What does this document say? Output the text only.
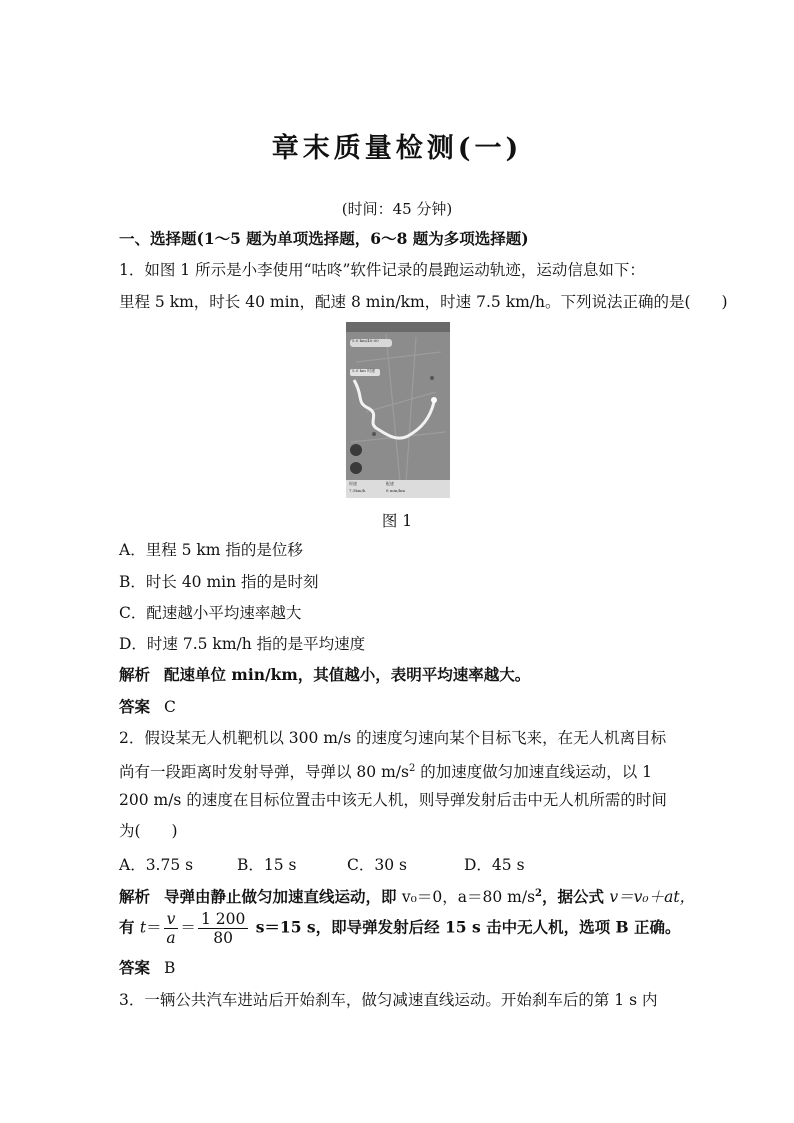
章末质量检测(一)
(时间：45 分钟)
一、选择题(1～5 题为单项选择题，6～8 题为多项选择题)
1．如图 1 所示是小李使用“咕咚”软件记录的晨跑运动轨迹，运动信息如下：
里程 5 km，时长 40 min，配速 8 min/km，时速 7.5 km/h。下列说法正确的是(　　)
5.0 km/40:00
5.0 km 时速
时速
7.5km/h
配速
8 min/km
图 1
A．里程 5 km 指的是位移
B．时长 40 min 指的是时刻
C．配速越小平均速率越大
D．时速 7.5 km/h 指的是平均速度
解析 配速单位 min/km，其值越小，表明平均速率越大。
答案 C
2．假设某无人机靶机以 300 m/s 的速度匀速向某个目标飞来，在无人机离目标
尚有一段距离时发射导弹，导弹以 80 $m/s^2$ 的加速度做匀加速直线运动，以 1
200 m/s 的速度在目标位置击中该无人机，则导弹发射后击中无人机所需的时间
为(　　)
A．3.75 s	B．15 s	C．30 s	D．45 s
解析 导弹由静止做匀加速直线运动，即 v₀＝0，a＝80 $m/s^2$，据公式 v＝v₀＋at，
有 $t= \frac{v}{a} = \frac{1 200}{80} s=15$ s，即导弹发射后经 15 s 击中无人机，选项 B 正确。
答案 B
3．一辆公共汽车进站后开始刹车，做匀减速直线运动。开始刹车后的第 1 s 内
